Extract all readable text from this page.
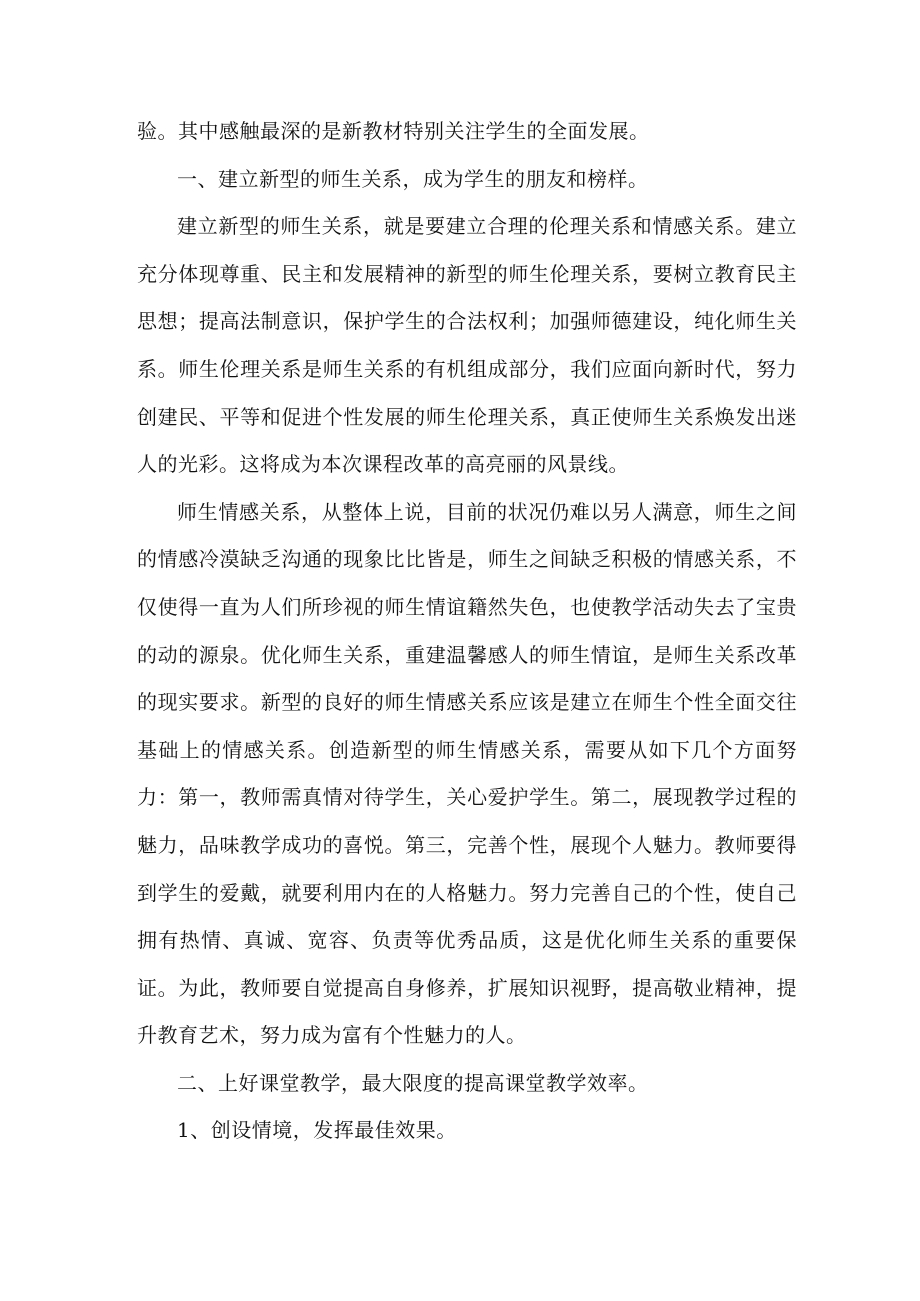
验。其中感触最深的是新教材特别关注学生的全面发展。

一、建立新型的师生关系，成为学生的朋友和榜样。

建立新型的师生关系，就是要建立合理的伦理关系和情感关系。建立充分体现尊重、民主和发展精神的新型的师生伦理关系，要树立教育民主思想；提高法制意识，保护学生的合法权利；加强师德建设，纯化师生关系。师生伦理关系是师生关系的有机组成部分，我们应面向新时代，努力创建民、平等和促进个性发展的师生伦理关系，真正使师生关系焕发出迷人的光彩。这将成为本次课程改革的高亮丽的风景线。

师生情感关系，从整体上说，目前的状况仍难以另人满意，师生之间的情感冷漠缺乏沟通的现象比比皆是，师生之间缺乏积极的情感关系，不仅使得一直为人们所珍视的师生情谊籍然失色，也使教学活动失去了宝贵的动的源泉。优化师生关系，重建温馨感人的师生情谊，是师生关系改革的现实要求。新型的良好的师生情感关系应该是建立在师生个性全面交往基础上的情感关系。创造新型的师生情感关系，需要从如下几个方面努力：第一，教师需真情对待学生，关心爱护学生。第二，展现教学过程的魅力，品味教学成功的喜悦。第三，完善个性，展现个人魅力。教师要得到学生的爱戴，就要利用内在的人格魅力。努力完善自己的个性，使自己拥有热情、真诚、宽容、负责等优秀品质，这是优化师生关系的重要保证。为此，教师要自觉提高自身修养，扩展知识视野，提高敬业精神，提升教育艺术，努力成为富有个性魅力的人。

二、上好课堂教学，最大限度的提高课堂教学效率。

1、创设情境，发挥最佳效果。
